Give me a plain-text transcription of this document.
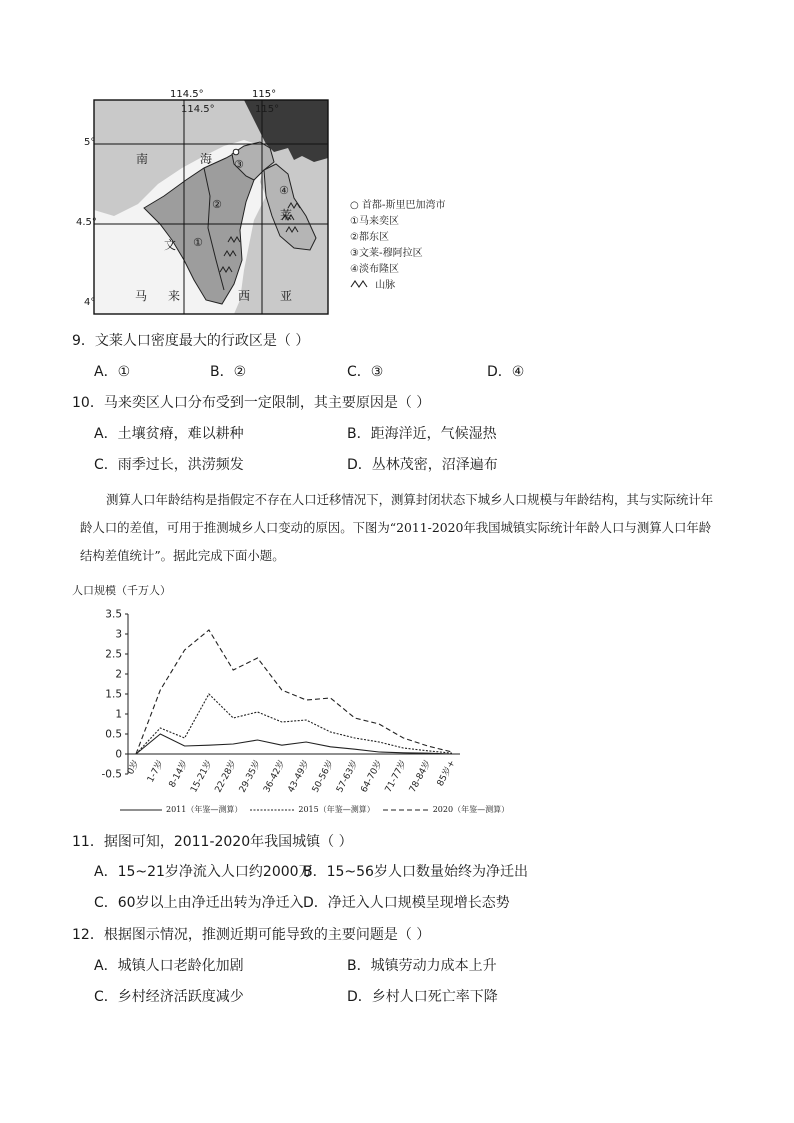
114.5°	115°
114.5°	115°
5°
4.5°
4°
南	海
文
莱
马 来	西 亚
①
②
③
④
○ 首都-斯里巴加湾市
①马来奕区
②都东区
③文莱-穆阿拉区
④淡布隆区
山脉
9．文莱人口密度最大的行政区是（ ）
A．①	B．②	C．③	D．④
10．马来奕区人口分布受到一定限制，其主要原因是（ ）
A．土壤贫瘠，难以耕种	B．距海洋近，气候湿热
C．雨季过长，洪涝频发	D．丛林茂密，沼泽遍布
测算人口年龄结构是指假定不存在人口迁移情况下，测算封闭状态下城乡人口规模与年龄结构，其与实际统计年龄人口的差值，可用于推测城乡人口变动的原因。下图为“2011-2020年我国城镇实际统计年龄人口与测算人口年龄结构差值统计”。据此完成下面小题。
人口规模（千万人）
3.5
3
2.5
2
1.5
1
0.5
0
-0.5 0岁 1-7岁 8-14岁
15-21岁
22-28岁
29-35岁
36-42岁
43-49岁
50-56岁
57-63岁
64-70岁
71-77岁
78-84岁 85岁+
2011（年鉴—测算）	2015（年鉴—测算）	2020（年鉴—测算）
11．据图可知，2011-2020年我国城镇（ ）
A．15~21岁净流入人口约2000万
B．15~56岁人口数量始终为净迁出
C．60岁以上由净迁出转为净迁入 D．净迁入人口规模呈现增长态势
12．根据图示情况，推测近期可能导致的主要问题是（ ）
A．城镇人口老龄化加剧	B．城镇劳动力成本上升
C．乡村经济活跃度减少	D．乡村人口死亡率下降
